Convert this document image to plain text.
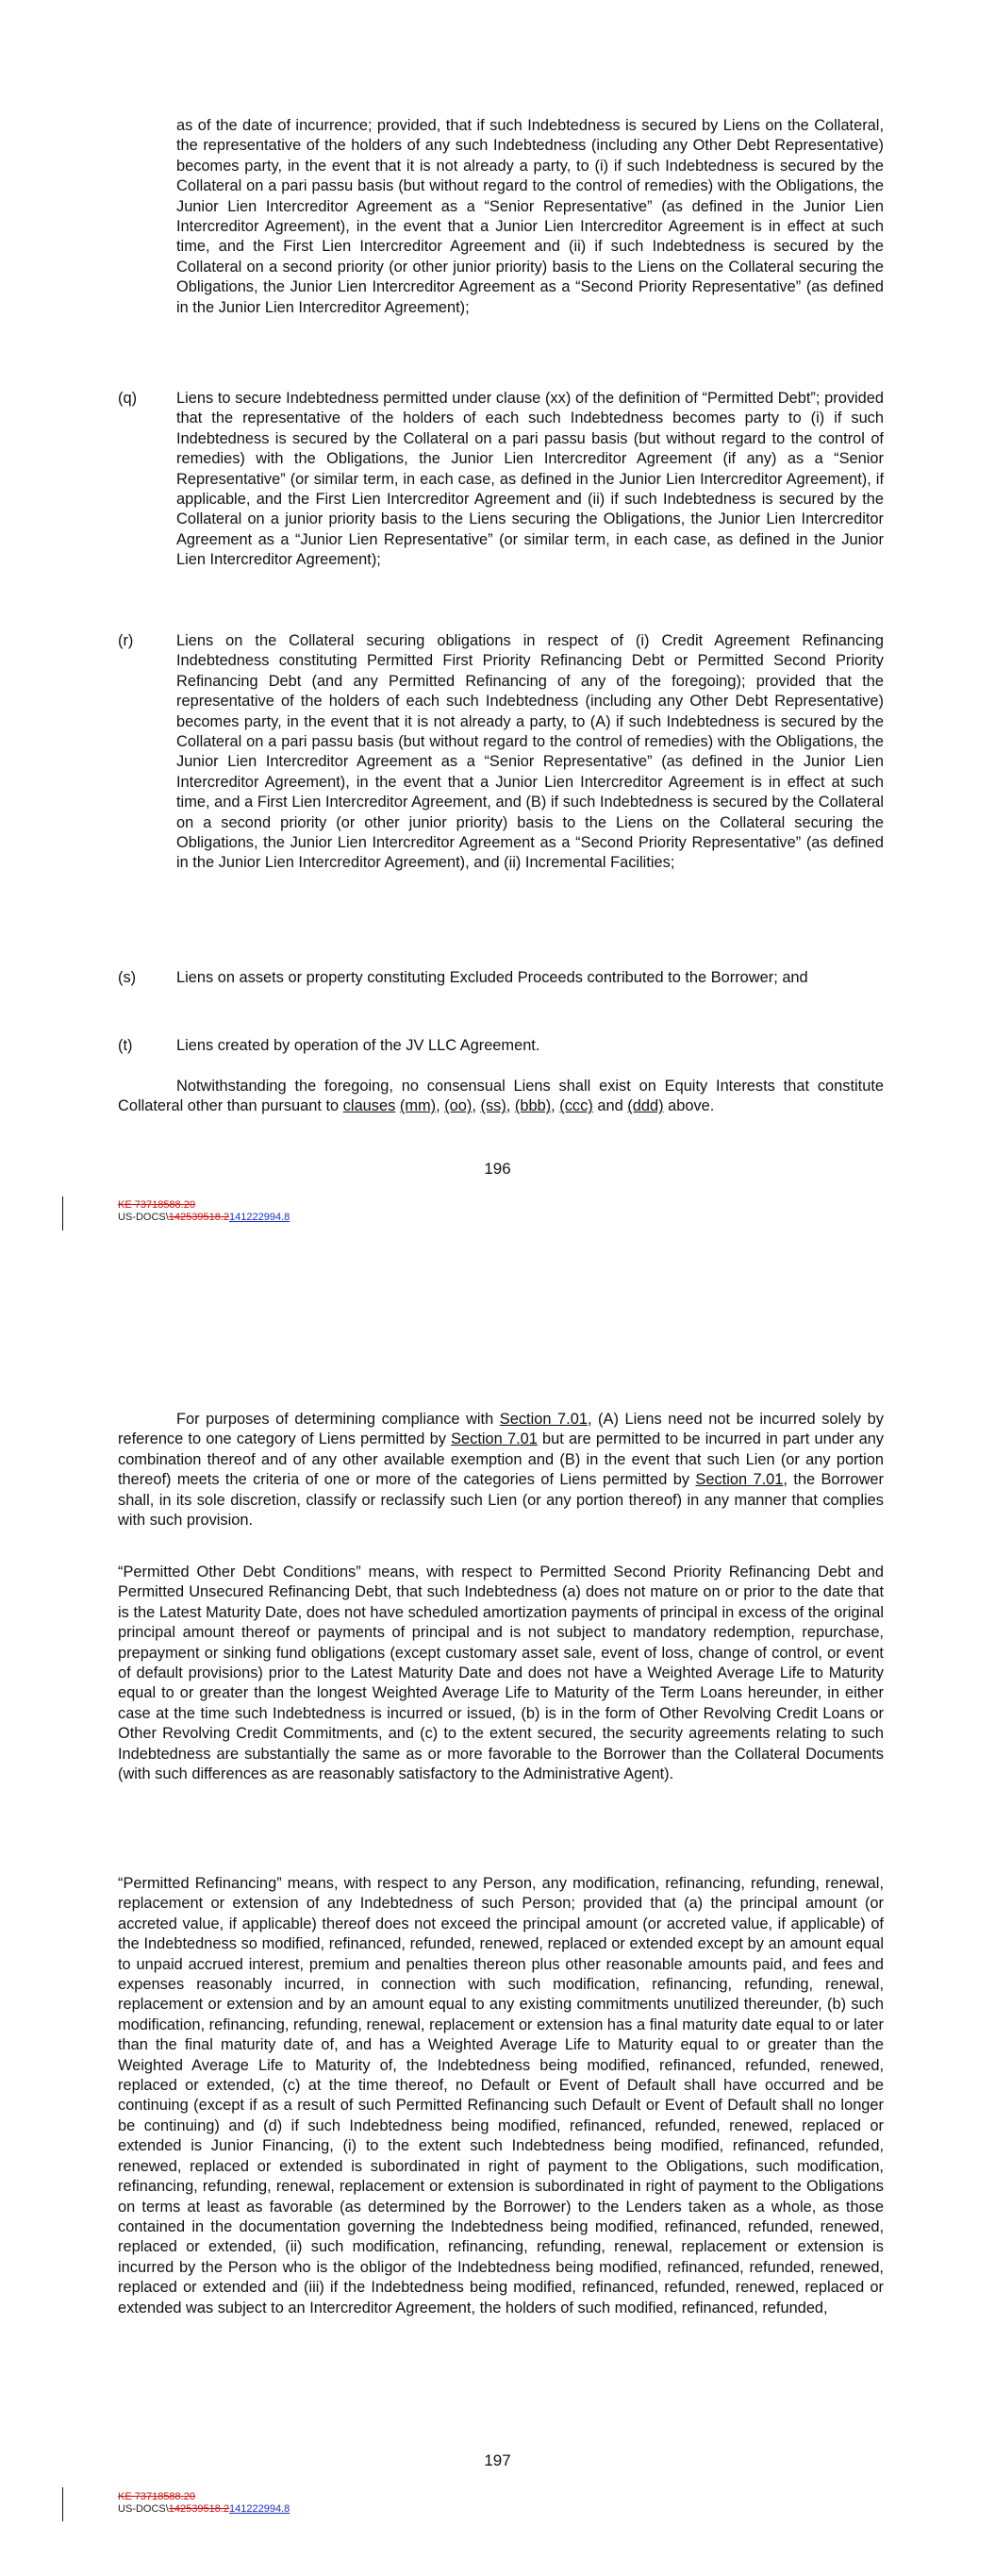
as of the date of incurrence; provided, that if such Indebtedness is secured by Liens on the Collateral, the representative of the holders of any such Indebtedness (including any Other Debt Representative) becomes party, in the event that it is not already a party, to (i) if such Indebtedness is secured by the Collateral on a pari passu basis (but without regard to the control of remedies) with the Obligations, the Junior Lien Intercreditor Agreement as a “Senior Representative” (as defined in the Junior Lien Intercreditor Agreement), in the event that a Junior Lien Intercreditor Agreement is in effect at such time, and the First Lien Intercreditor Agreement and (ii) if such Indebtedness is secured by the Collateral on a second priority (or other junior priority) basis to the Liens on the Collateral securing the Obligations, the Junior Lien Intercreditor Agreement as a “Second Priority Representative” (as defined in the Junior Lien Intercreditor Agreement);

(q)	Liens to secure Indebtedness permitted under clause (xx) of the definition of “Permitted Debt”; provided that the representative of the holders of each such Indebtedness becomes party to (i) if such Indebtedness is secured by the Collateral on a pari passu basis (but without regard to the control of remedies) with the Obligations, the Junior Lien Intercreditor Agreement (if any) as a “Senior Representative” (or similar term, in each case, as defined in the Junior Lien Intercreditor Agreement), if applicable, and the First Lien Intercreditor Agreement and (ii) if such Indebtedness is secured by the Collateral on a junior priority basis to the Liens securing the Obligations, the Junior Lien Intercreditor Agreement as a “Junior Lien Representative” (or similar term, in each case, as defined in the Junior Lien Intercreditor Agreement);

(r)	Liens on the Collateral securing obligations in respect of (i) Credit Agreement Refinancing Indebtedness constituting Permitted First Priority Refinancing Debt or Permitted Second Priority Refinancing Debt (and any Permitted Refinancing of any of the foregoing); provided that the representative of the holders of each such Indebtedness (including any Other Debt Representative) becomes party, in the event that it is not already a party, to (A) if such Indebtedness is secured by the Collateral on a pari passu basis (but without regard to the control of remedies) with the Obligations, the Junior Lien Intercreditor Agreement as a “Senior Representative” (as defined in the Junior Lien Intercreditor Agreement), in the event that a Junior Lien Intercreditor Agreement is in effect at such time, and a First Lien Intercreditor Agreement, and (B) if such Indebtedness is secured by the Collateral on a second priority (or other junior priority) basis to the Liens on the Collateral securing the Obligations, the Junior Lien Intercreditor Agreement as a “Second Priority Representative” (as defined in the Junior Lien Intercreditor Agreement), and (ii) Incremental Facilities;

(s)	Liens on assets or property constituting Excluded Proceeds contributed to the Borrower; and

(t)	Liens created by operation of the JV LLC Agreement.

Notwithstanding the foregoing, no consensual Liens shall exist on Equity Interests that constitute Collateral other than pursuant to clauses (mm), (oo), (ss), (bbb), (ccc) and (ddd) above.

196
KE 73718588.20
US-DOCS\142539518.2141222994.8

For purposes of determining compliance with Section 7.01, (A) Liens need not be incurred solely by reference to one category of Liens permitted by Section 7.01 but are permitted to be incurred in part under any combination thereof and of any other available exemption and (B) in the event that such Lien (or any portion thereof) meets the criteria of one or more of the categories of Liens permitted by Section 7.01, the Borrower shall, in its sole discretion, classify or reclassify such Lien (or any portion thereof) in any manner that complies with such provision.

“Permitted Other Debt Conditions” means, with respect to Permitted Second Priority Refinancing Debt and Permitted Unsecured Refinancing Debt, that such Indebtedness (a) does not mature on or prior to the date that is the Latest Maturity Date, does not have scheduled amortization payments of principal in excess of the original principal amount thereof or payments of principal and is not subject to mandatory redemption, repurchase, prepayment or sinking fund obligations (except customary asset sale, event of loss, change of control, or event of default provisions) prior to the Latest Maturity Date and does not have a Weighted Average Life to Maturity equal to or greater than the longest Weighted Average Life to Maturity of the Term Loans hereunder, in either case at the time such Indebtedness is incurred or issued, (b) is in the form of Other Revolving Credit Loans or Other Revolving Credit Commitments, and (c) to the extent secured, the security agreements relating to such Indebtedness are substantially the same as or more favorable to the Borrower than the Collateral Documents (with such differences as are reasonably satisfactory to the Administrative Agent).

“Permitted Refinancing” means, with respect to any Person, any modification, refinancing, refunding, renewal, replacement or extension of any Indebtedness of such Person; provided that (a) the principal amount (or accreted value, if applicable) thereof does not exceed the principal amount (or accreted value, if applicable) of the Indebtedness so modified, refinanced, refunded, renewed, replaced or extended except by an amount equal to unpaid accrued interest, premium and penalties thereon plus other reasonable amounts paid, and fees and expenses reasonably incurred, in connection with such modification, refinancing, refunding, renewal, replacement or extension and by an amount equal to any existing commitments unutilized thereunder, (b) such modification, refinancing, refunding, renewal, replacement or extension has a final maturity date equal to or later than the final maturity date of, and has a Weighted Average Life to Maturity equal to or greater than the Weighted Average Life to Maturity of, the Indebtedness being modified, refinanced, refunded, renewed, replaced or extended, (c) at the time thereof, no Default or Event of Default shall have occurred and be continuing (except if as a result of such Permitted Refinancing such Default or Event of Default shall no longer be continuing) and (d) if such Indebtedness being modified, refinanced, refunded, renewed, replaced or extended is Junior Financing, (i) to the extent such Indebtedness being modified, refinanced, refunded, renewed, replaced or extended is subordinated in right of payment to the Obligations, such modification, refinancing, refunding, renewal, replacement or extension is subordinated in right of payment to the Obligations on terms at least as favorable (as determined by the Borrower) to the Lenders taken as a whole, as those contained in the documentation governing the Indebtedness being modified, refinanced, refunded, renewed, replaced or extended, (ii) such modification, refinancing, refunding, renewal, replacement or extension is incurred by the Person who is the obligor of the Indebtedness being modified, refinanced, refunded, renewed, replaced or extended and (iii) if the Indebtedness being modified, refinanced, refunded, renewed, replaced or extended was subject to an Intercreditor Agreement, the holders of such modified, refinanced, refunded,

197
KE 73718588.20
US-DOCS\142539518.2141222994.8
